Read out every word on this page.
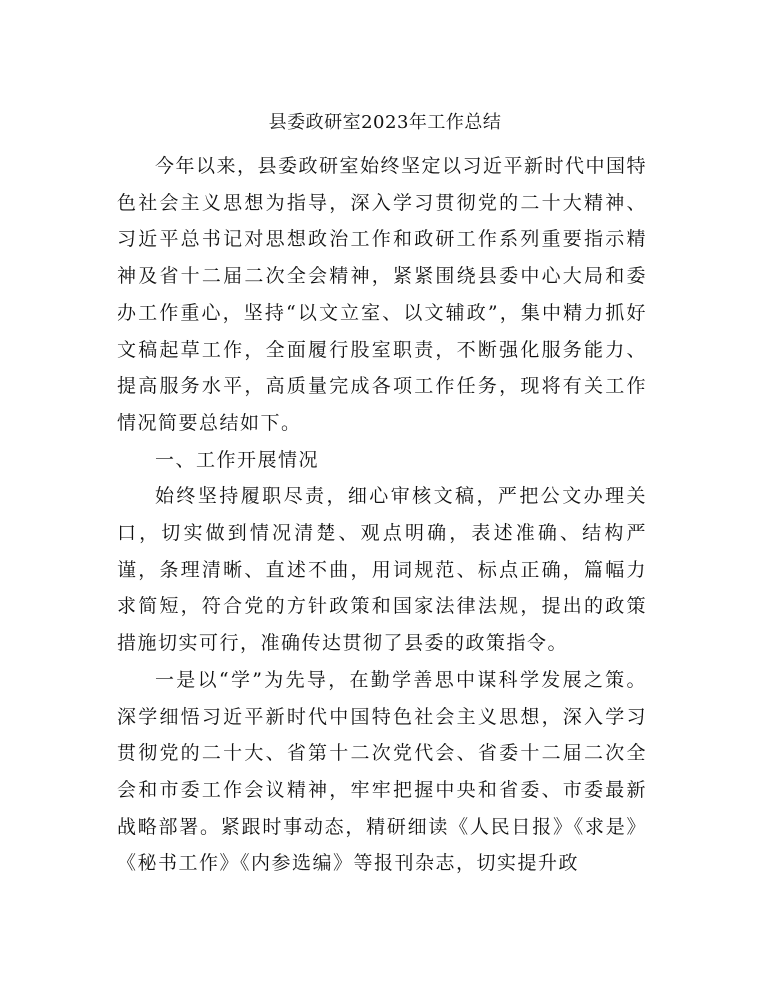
县委政研室2023年工作总结

今年以来，县委政研室始终坚定以习近平新时代中国特色社会主义思想为指导，深入学习贯彻党的二十大精神、习近平总书记对思想政治工作和政研工作系列重要指示精神及省十二届二次全会精神，紧紧围绕县委中心大局和委办工作重心，坚持“以文立室、以文辅政”，集中精力抓好文稿起草工作，全面履行股室职责，不断强化服务能力、提高服务水平，高质量完成各项工作任务，现将有关工作情况简要总结如下。

一、工作开展情况

始终坚持履职尽责，细心审核文稿，严把公文办理关口，切实做到情况清楚、观点明确，表述准确、结构严谨，条理清晰、直述不曲，用词规范、标点正确，篇幅力求简短，符合党的方针政策和国家法律法规，提出的政策措施切实可行，准确传达贯彻了县委的政策指令。

一是以“学”为先导，在勤学善思中谋科学发展之策。深学细悟习近平新时代中国特色社会主义思想，深入学习贯彻党的二十大、省第十二次党代会、省委十二届二次全会和市委工作会议精神，牢牢把握中央和省委、市委最新战略部署。紧跟时事动态，精研细读《人民日报》《求是》《秘书工作》《内参选编》等报刊杂志，切实提升政
